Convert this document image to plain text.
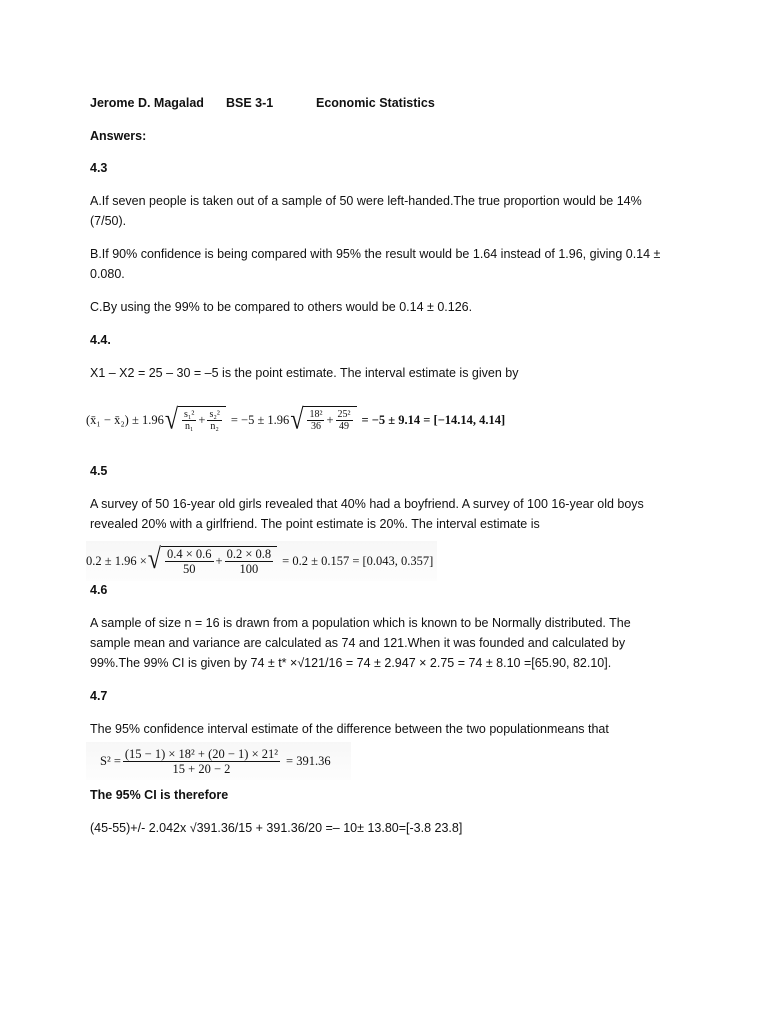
Jerome D. Magalad BSE 3-1	Economic Statistics
Answers:
4.3
A.If seven people is taken out of a sample of 50 were left-handed.The true proportion would be 14%
(7/50).
B.If 90% confidence is being compared with 95% the result would be 1.64 instead of 1.96, giving 0.14 ±
0.080.
C.By using the 99% to be compared to others would be 0.14 ± 0.126.
4.4.
X1 – X2 = 25 – 30 = –5 is the point estimate. The interval estimate is given by
(x̄₁ − x̄₂) ± 1.96 √ $\frac{\text{s₁²}}{\text{n₁}} + \frac{\text{s₂²}}{\text{n₂}} = -5 \pm 1.96$ √ $\frac{\text{18²}}{36} + \frac{\text{25²}}{49} = -5 \pm 9.14 = [-14.14$, 4.14]
4.5
A survey of 50 16-year old girls revealed that 40% had a boyfriend. A survey of 100 16-year old boys
revealed 20% with a girlfriend. The point estimate is 20%. The interval estimate is
0.2 ± 1.96 × √ $\frac{0.4 \times 0.6}{50} + \frac{0.2 \times 0.8}{100} = 0.2 \pm 0.157 = [0.043$, 0.357]
4.6
A sample of size n = 16 is drawn from a population which is known to be Normally distributed. The
sample mean and variance are calculated as 74 and 121.When it was founded and calculated by
99%.The 99% CI is given by 74 ± t* ×√121/16 = 74 ± 2.947 × 2.75 = 74 ± 8.10 =[65.90, 82.10].
4.7
The 95% confidence interval estimate of the difference between the two populationmeans that
$S^2 = \frac{\text{(15 − 1) × 18² + (20 − 1) × 21²}}{15 + 20 - 2} = 391.36$
The 95% CI is therefore
(45-55)+/- 2.042x √391.36/15 + 391.36/20 =– 10± 13.80=[-3.8 23.8]
